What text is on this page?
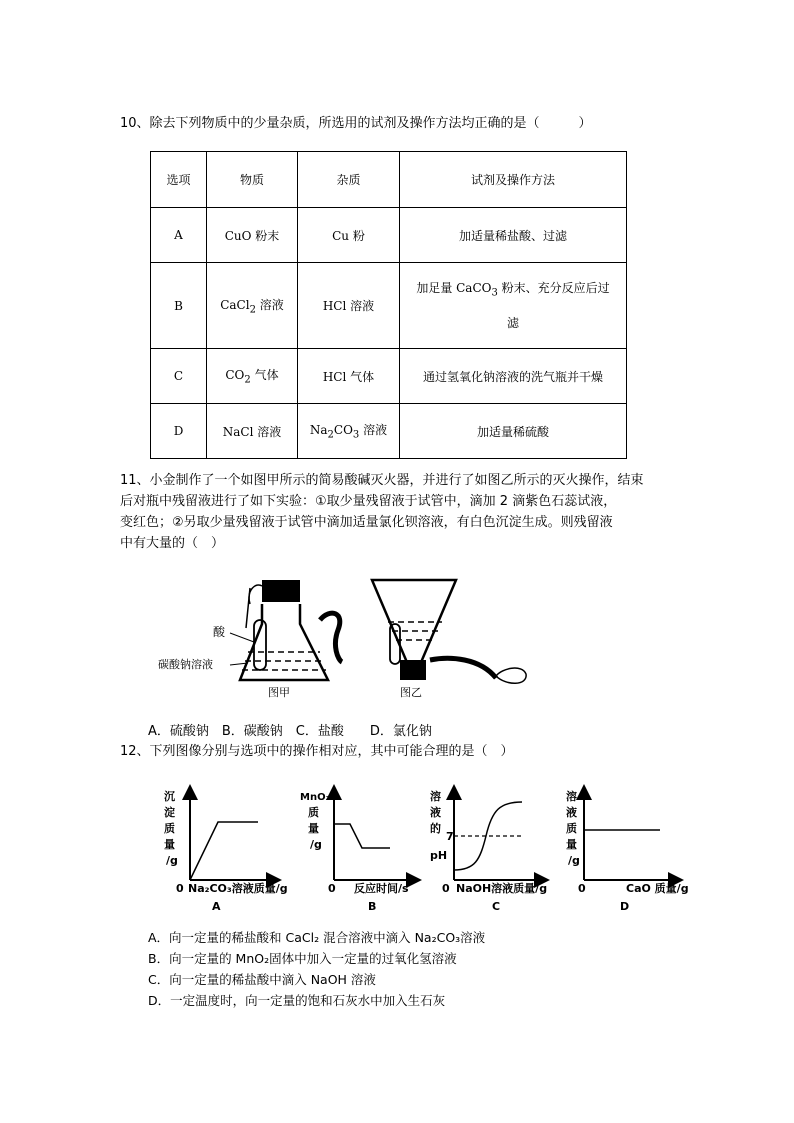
10、除去下列物质中的少量杂质，所选用的试剂及操作方法均正确的是（　　　）
选项	物质	杂质	试剂及操作方法
A	CuO 粉末	Cu 粉	加适量稀盐酸、过滤
B	CaCl$_2$ 溶液	HCl 溶液	加足量 CaCO$_3$ 粉末、充分反应后过
滤
C	$CO_2$ 气体	HCl 气体	通过氢氧化钠溶液的洗气瓶并干燥
D	NaCl 溶液	$Na_2CO_3$ 溶液	加适量稀硫酸
11、小金制作了一个如图甲所示的简易酸碱灭火器，并进行了如图乙所示的灭火操作，结束
后对瓶中残留液进行了如下实验：①取少量残留液于试管中，滴加 2 滴紫色石蕊试液，
变红色；②另取少量残留液于试管中滴加适量氯化钡溶液，有白色沉淀生成。则残留液
中有大量的（　）
酸
碳酸钠溶液
图甲	图乙
A．硫酸钠　B．碳酸钠　C．盐酸　　D．氯化钠
12、下列图像分别与选项中的操作相对应，其中可能合理的是（　）
沉
淀
质
量
/g
0 Na₂CO₃溶液质量/g
A
MnO₂
质
量
/g
0 反应时间/s
B
溶
液
的
pH
7
0 NaOH溶液质量/g
C
溶
液
质
量
/g
0	CaO 质量/g
D
A．向一定量的稀盐酸和 CaCl₂ 混合溶液中滴入 Na₂CO₃溶液
B．向一定量的 MnO₂固体中加入一定量的过氧化氢溶液
C．向一定量的稀盐酸中滴入 NaOH 溶液
D．一定温度时，向一定量的饱和石灰水中加入生石灰
